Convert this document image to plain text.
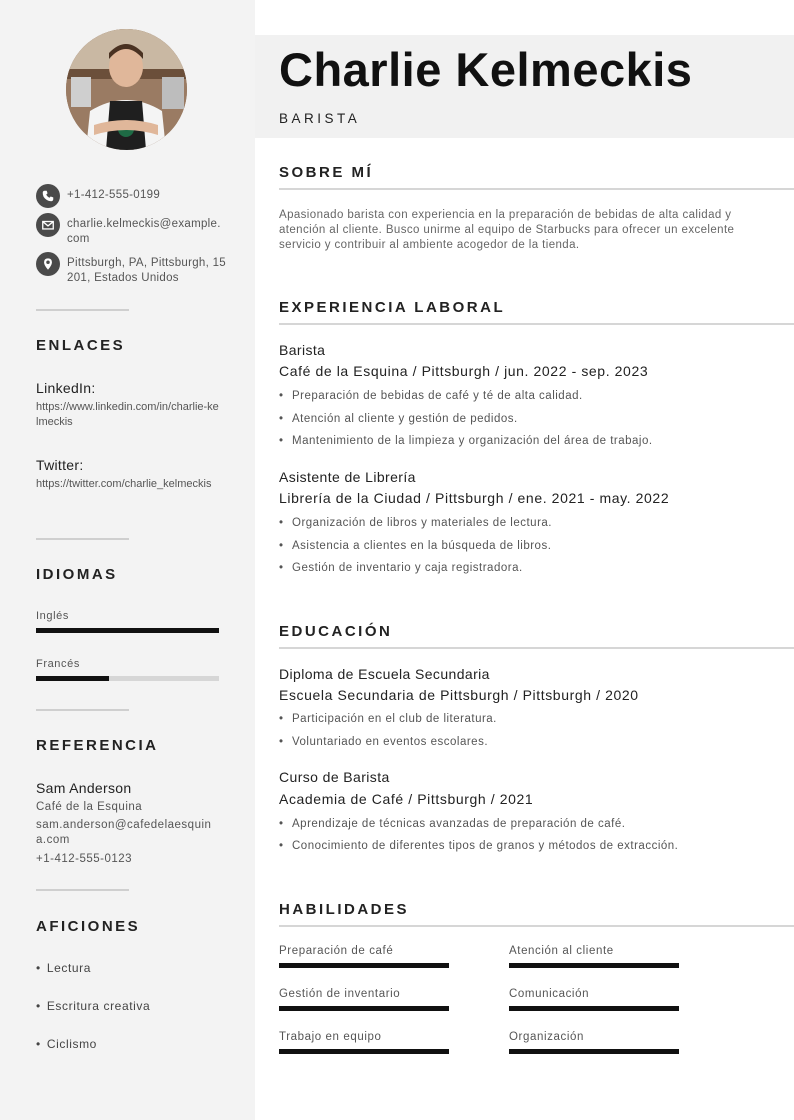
+1-412-555-0199
charlie.kelmeckis@example.com
Pittsburgh, PA, Pittsburgh, 15201, Estados Unidos
ENLACES
LinkedIn:
https://www.linkedin.com/in/charlie-kelmeckis
Twitter:
https://twitter.com/charlie_kelmeckis
IDIOMAS
Inglés
Francés
REFERENCIA
Sam Anderson
Café de la Esquina
sam.anderson@cafedelaesquina.com
+1-412-555-0123
AFICIONES
• Lectura
• Escritura creativa
• Ciclismo
Charlie Kelmeckis
BARISTA
SOBRE MÍ

Apasionado barista con experiencia en la preparación de bebidas de alta calidad y atención al cliente. Busco unirme al equipo de Starbucks para ofrecer un excelente servicio y contribuir al ambiente acogedor de la tienda.

EXPERIENCIA LABORAL
Barista
Café de la Esquina / Pittsburgh / jun. 2022 - sep. 2023
• Preparación de bebidas de café y té de alta calidad.
• Atención al cliente y gestión de pedidos.
• Mantenimiento de la limpieza y organización del área de trabajo.
Asistente de Librería
Librería de la Ciudad / Pittsburgh / ene. 2021 - may. 2022
• Organización de libros y materiales de lectura.
• Asistencia a clientes en la búsqueda de libros.
• Gestión de inventario y caja registradora.
EDUCACIÓN
Diploma de Escuela Secundaria
Escuela Secundaria de Pittsburgh / Pittsburgh / 2020
• Participación en el club de literatura.
• Voluntariado en eventos escolares.
Curso de Barista
Academia de Café / Pittsburgh / 2021
• Aprendizaje de técnicas avanzadas de preparación de café.
• Conocimiento de diferentes tipos de granos y métodos de extracción.
HABILIDADES
Preparación de café	Atención al cliente
Gestión de inventario	Comunicación
Trabajo en equipo	Organización
